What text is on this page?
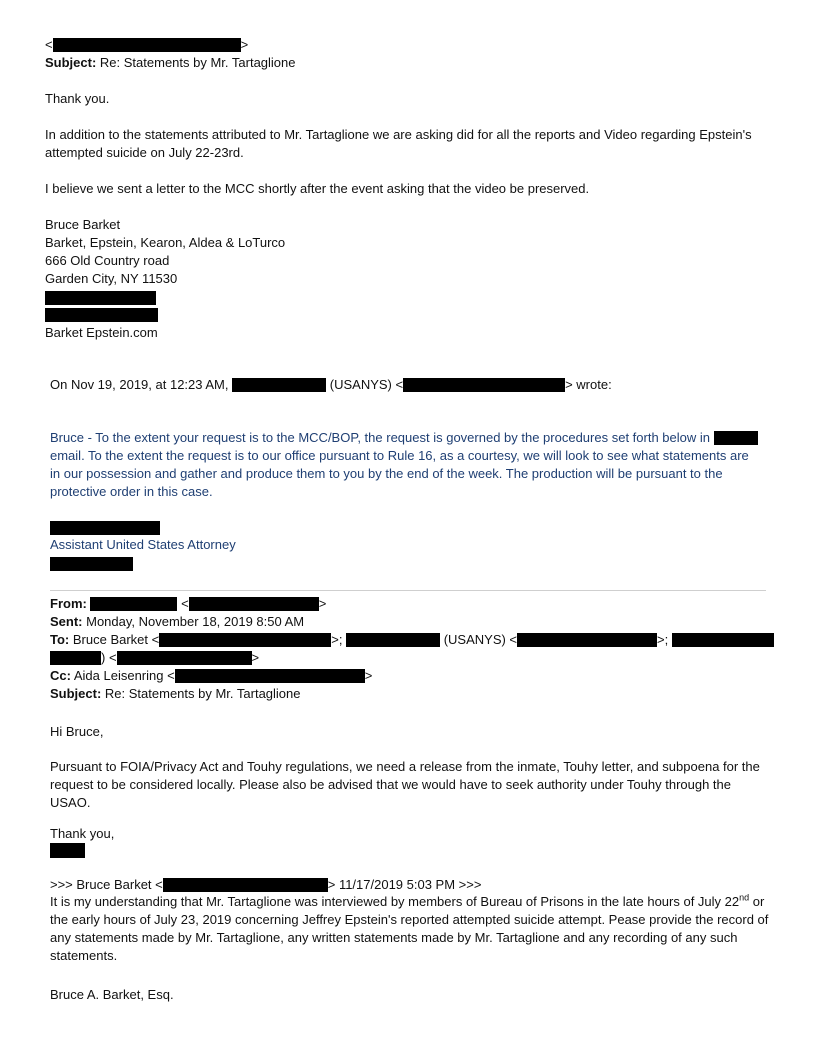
<	>
Subject: Re: Statements by Mr. Tartaglione
Thank you.
In addition to the statements attributed to Mr. Tartaglione we are asking did for all the reports and Video regarding Epstein's attempted suicide on July 22-23rd.
I believe we sent a letter to the MCC shortly after the event asking that the video be preserved.
Bruce Barket
Barket, Epstein, Kearon, Aldea & LoTurco
666 Old Country road
Garden City, NY 11530
Barket Epstein.com
On Nov 19, 2019, at 12:23 AM,	(USANYS) <	> wrote:
Bruce - To the extent your request is to the MCC/BOP, the request is governed by the procedures set forth below in  email. To the extent the request is to our office pursuant to Rule 16, as a courtesy, we will look to see what statements are in our possession and gather and produce them to you by the end of the week. The production will be pursuant to the protective order in this case.
Assistant United States Attorney
From:	<	>
Sent: Monday, November 18, 2019 8:50 AM
To: Bruce Barket <	>;	(USANYS) <	>;
) <	>
Cc: Aida Leisenring <	>
Subject: Re: Statements by Mr. Tartaglione
Hi Bruce,
Pursuant to FOIA/Privacy Act and Touhy regulations, we need a release from the inmate, Touhy letter, and subpoena for the request to be considered locally. Please also be advised that we would have to seek authority under Touhy through the USAO.
Thank you,
>>> Bruce Barket <	> 11/17/2019 5:03 PM >>>
It is my understanding that Mr. Tartaglione was interviewed by members of Bureau of Prisons in the late hours of July 22nd or the early hours of July 23, 2019 concerning Jeffrey Epstein's reported attempted suicide attempt. Pease provide the record of any statements made by Mr. Tartaglione, any written statements made by Mr. Tartaglione and any recording of any such statements.
Bruce A. Barket, Esq.
